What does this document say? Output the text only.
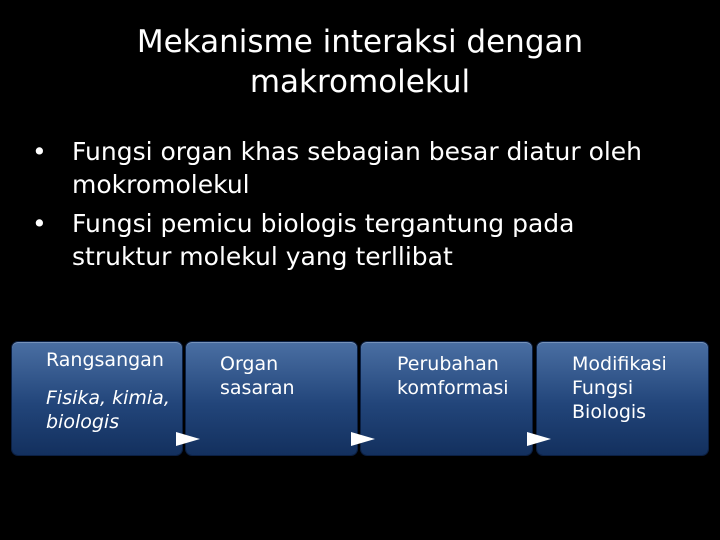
Mekanisme interaksi dengan
makromolekul
• Fungsi organ khas sebagian besar diatur oleh
mokromolekul
• Fungsi pemicu biologis tergantung pada
struktur molekul yang terllibat
Rangsangan
Fisika, kimia,
biologis
Organ
sasaran
Perubahan
komformasi
Modifikasi
Fungsi
Biologis
